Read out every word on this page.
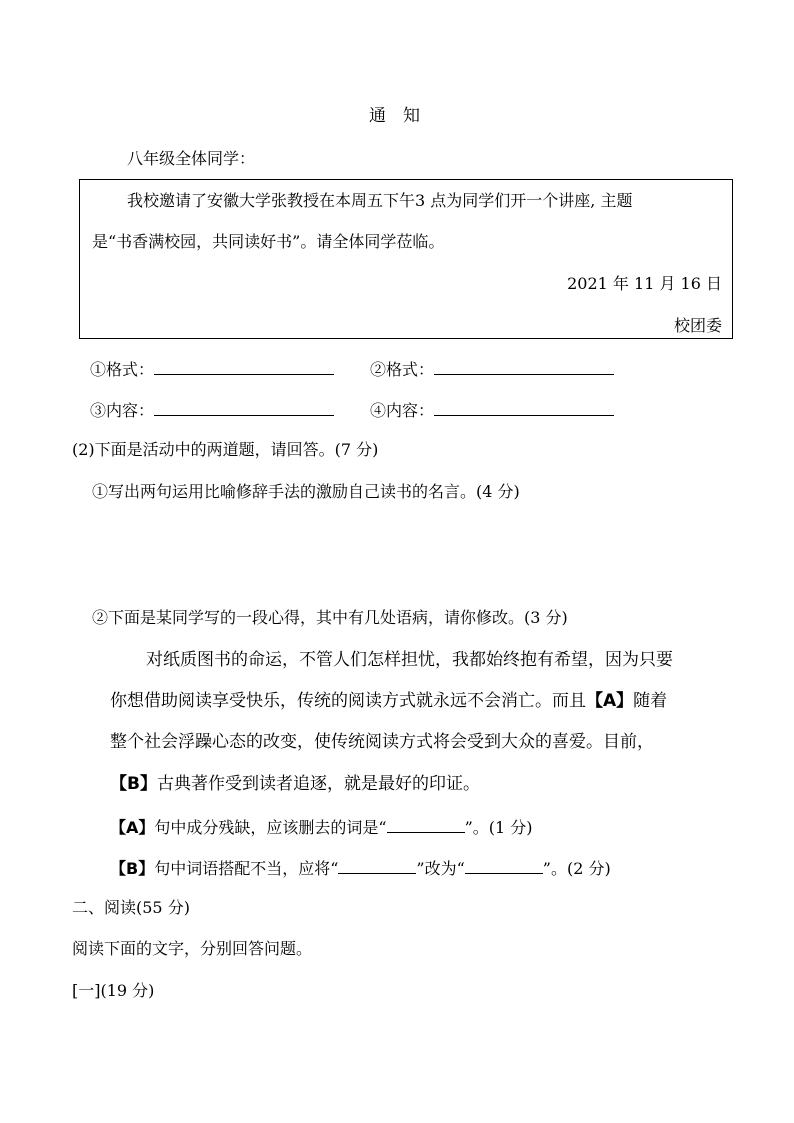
通　知
八年级全体同学：
我校邀请了安徽大学张教授在本周五下午3 点为同学们开一个讲座, 主题
是“书香满校园，共同读好书”。请全体同学莅临。
2021 年 11 月 16 日
校团委
①格式：	②格式：
③内容：	④内容：
(2)下面是活动中的两道题，请回答。(7 分)
①写出两句运用比喻修辞手法的激励自己读书的名言。(4 分)
②下面是某同学写的一段心得，其中有几处语病，请你修改。(3 分)
对纸质图书的命运，不管人们怎样担忧，我都始终抱有希望，因为只要
你想借助阅读享受快乐，传统的阅读方式就永远不会消亡。而且【A】随着
整个社会浮躁心态的改变，使传统阅读方式将会受到大众的喜爱。目前，
【B】古典著作受到读者追逐，就是最好的印证。
【A】句中成分残缺，应该删去的词是“	”。(1 分)
【B】句中词语搭配不当，应将“	”改为“	”。(2 分)
二、阅读(55 分)
阅读下面的文字，分别回答问题。
[一](19 分)
